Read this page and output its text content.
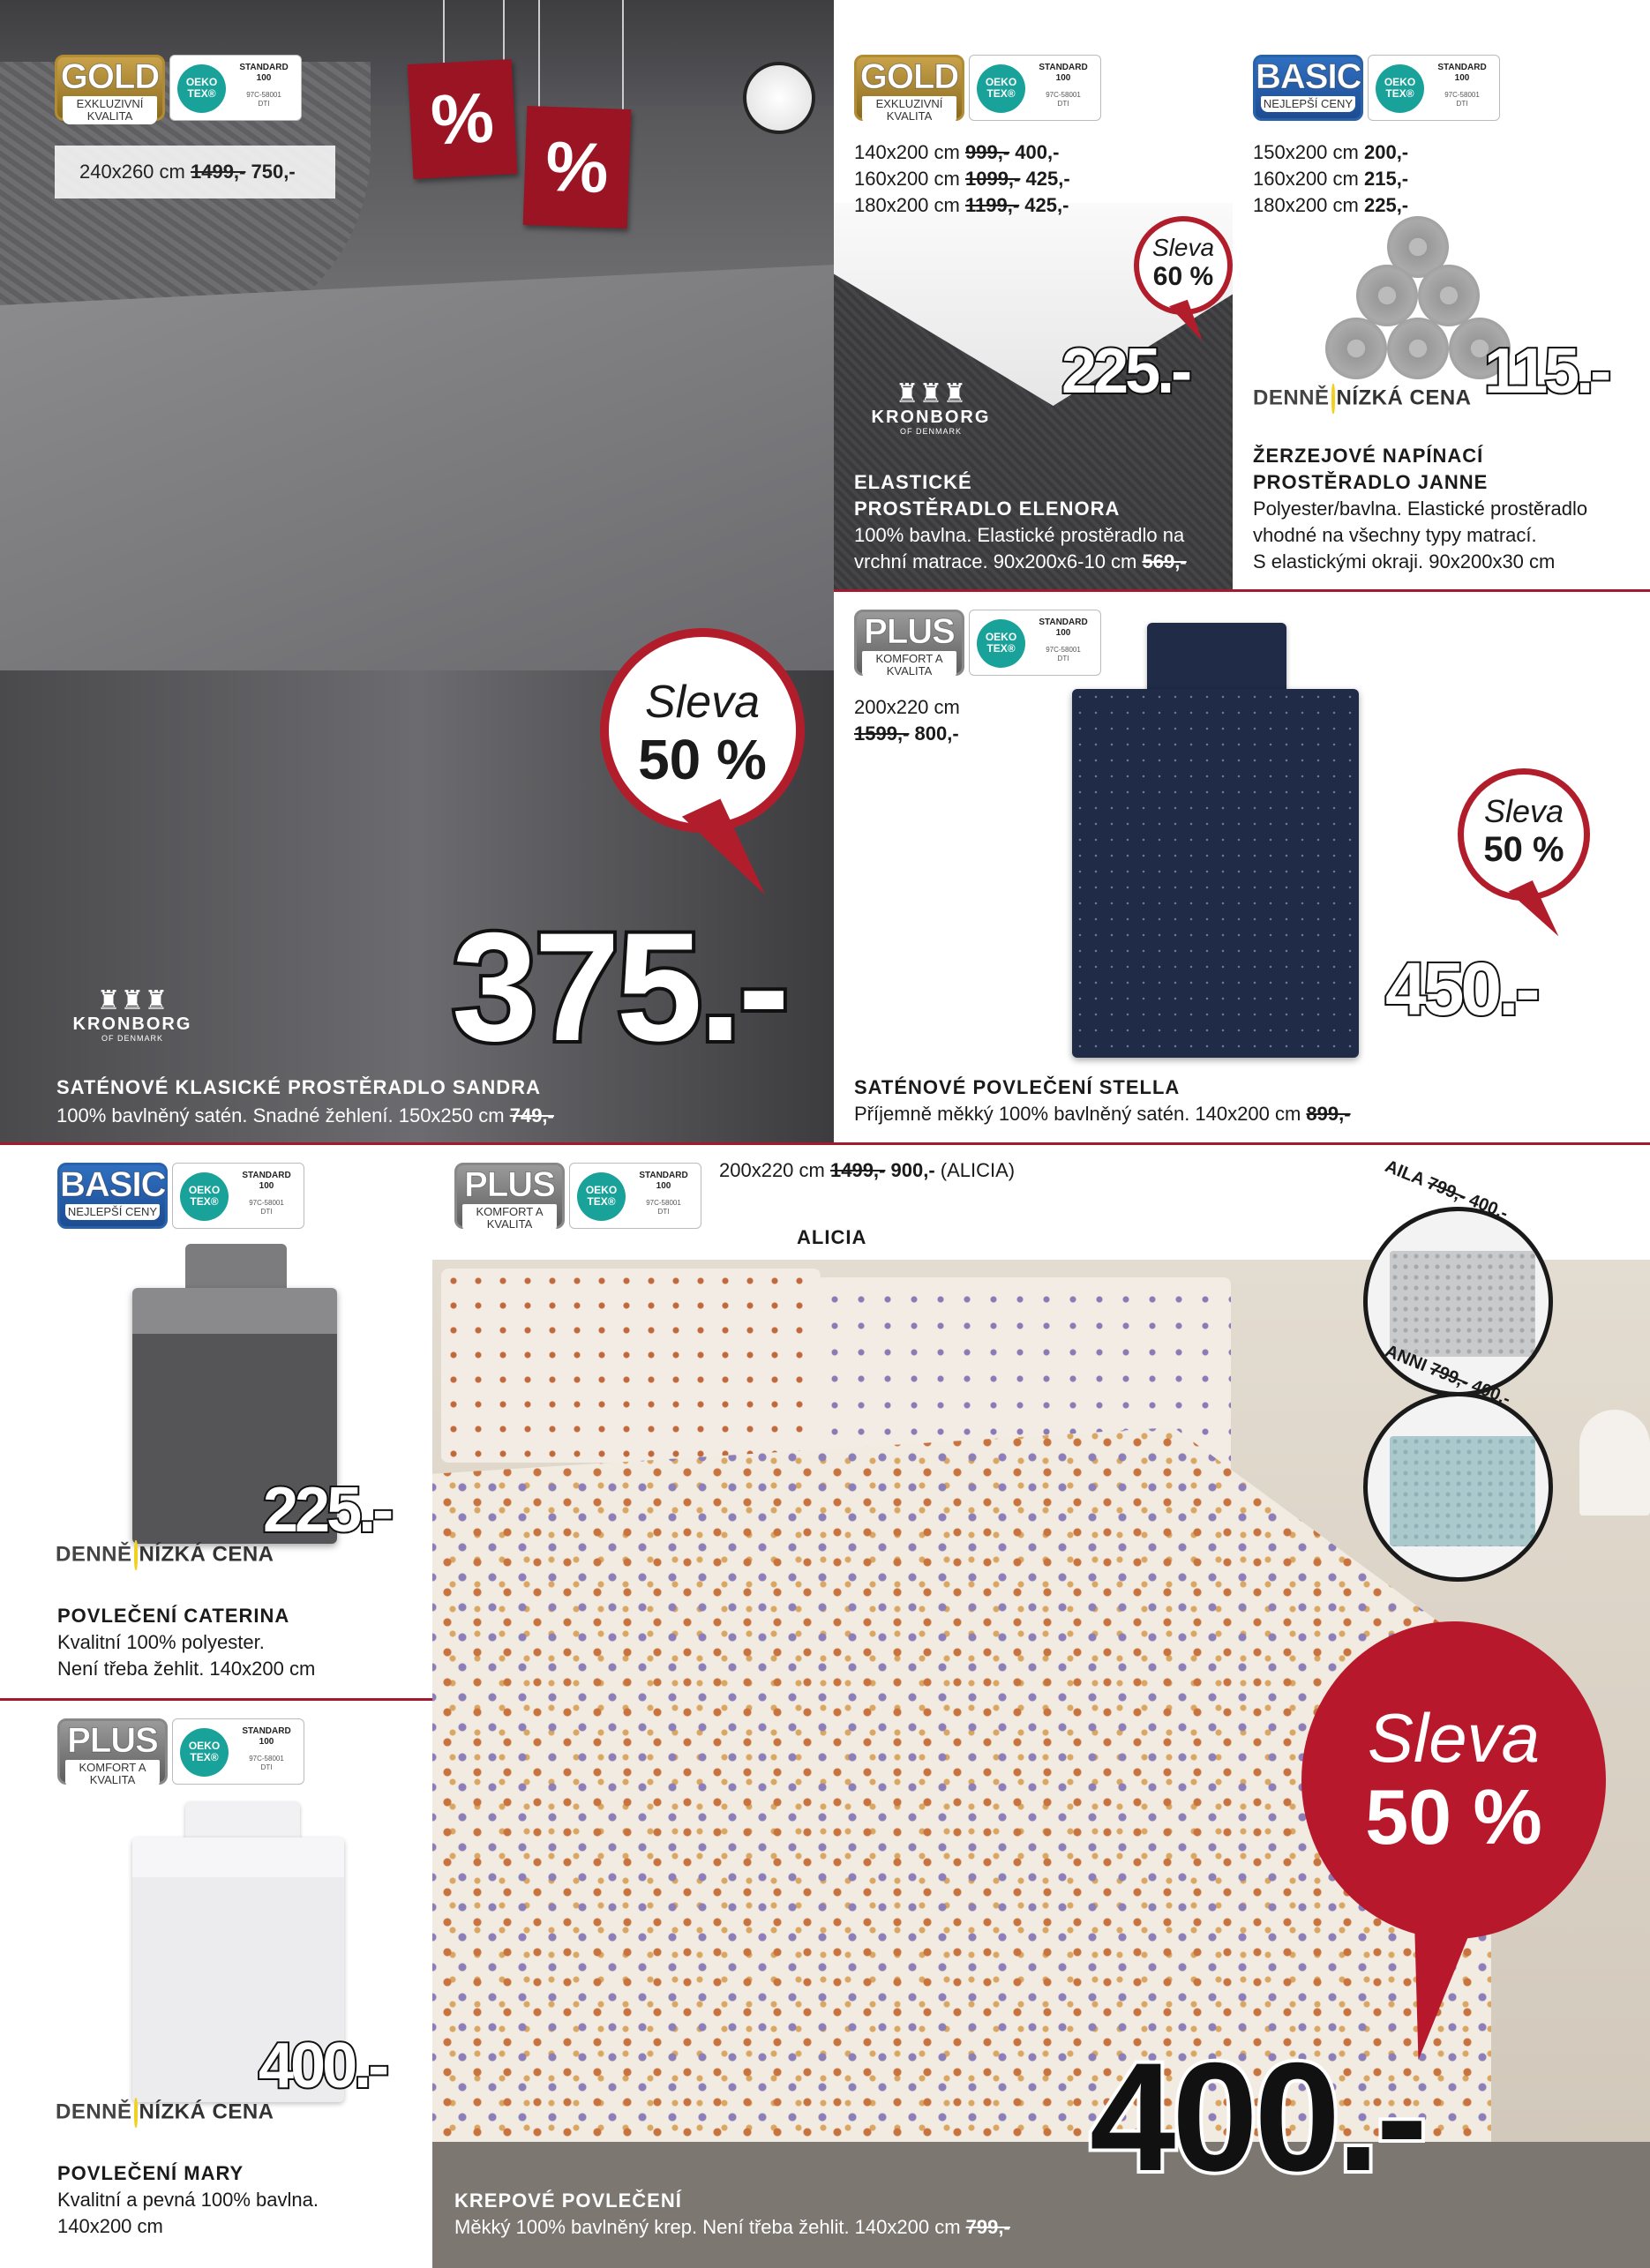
GOLD
EXKLUZIVNÍ KVALITA
OEKO TEX®
STANDARD
100
97C-58001
DTI
240x260 cm 1499,- 750,-
%
%
Sleva
50 %
375.-
♜♜♜
KRONBORG
OF DENMARK
SATÉNOVÉ KLASICKÉ PROSTĚRADLO SANDRA
100% bavlněný satén. Snadné žehlení. 150x250 cm 749,-
GOLD
EXKLUZIVNÍ KVALITA
OEKO TEX®
STANDARD
100
97C-58001
DTI
140x200 cm 999,- 400,-
160x200 cm 1099,- 425,-
180x200 cm 1199,- 425,-
Sleva
60 %
225.-
♜♜♜
KRONBORG
OF DENMARK
ELASTICKÉ
PROSTĚRADLO ELENORA
100% bavlna. Elastické prostěradlo na
vrchní matrace. 90x200x6-10 cm 569,-
BASIC
NEJLEPŠÍ CENY
OEKO TEX®
STANDARD
100
97C-58001
DTI
150x200 cm 200,-
160x200 cm 215,-
180x200 cm 225,-
115.-
DENNĚ NÍZKÁ CENA
ŽERZEJOVÉ NAPÍNACÍ
PROSTĚRADLO JANNE
Polyester/bavlna. Elastické prostěradlo
vhodné na všechny typy matrací.
S elastickými okraji. 90x200x30 cm
PLUS
KOMFORT A KVALITA
OEKO TEX®
STANDARD
100
97C-58001
DTI
200x220 cm
1599,- 800,-
Sleva
50 %
450.-
SATÉNOVÉ POVLEČENÍ STELLA
Příjemně měkký 100% bavlněný satén. 140x200 cm 899,-
BASIC
NEJLEPŠÍ CENY
OEKO TEX®
STANDARD
100
97C-58001
DTI
225.-
DENNĚ NÍZKÁ CENA
POVLEČENÍ CATERINA
Kvalitní 100% polyester.
Není třeba žehlit. 140x200 cm
PLUS
KOMFORT A KVALITA
OEKO TEX®
STANDARD
100
97C-58001
DTI
400.-
DENNĚ NÍZKÁ CENA
POVLEČENÍ MARY
Kvalitní a pevná 100% bavlna.
140x200 cm
PLUS
KOMFORT A KVALITA
OEKO TEX®
STANDARD
100
97C-58001
DTI
200x220 cm 1499,- 900,- (ALICIA)
ALICIA
AILA 799,- 400,-
ANNI 799,- 400,-
Sleva
50 %
400.-
KREPOVÉ POVLEČENÍ
Měkký 100% bavlněný krep. Není třeba žehlit. 140x200 cm 799,-
